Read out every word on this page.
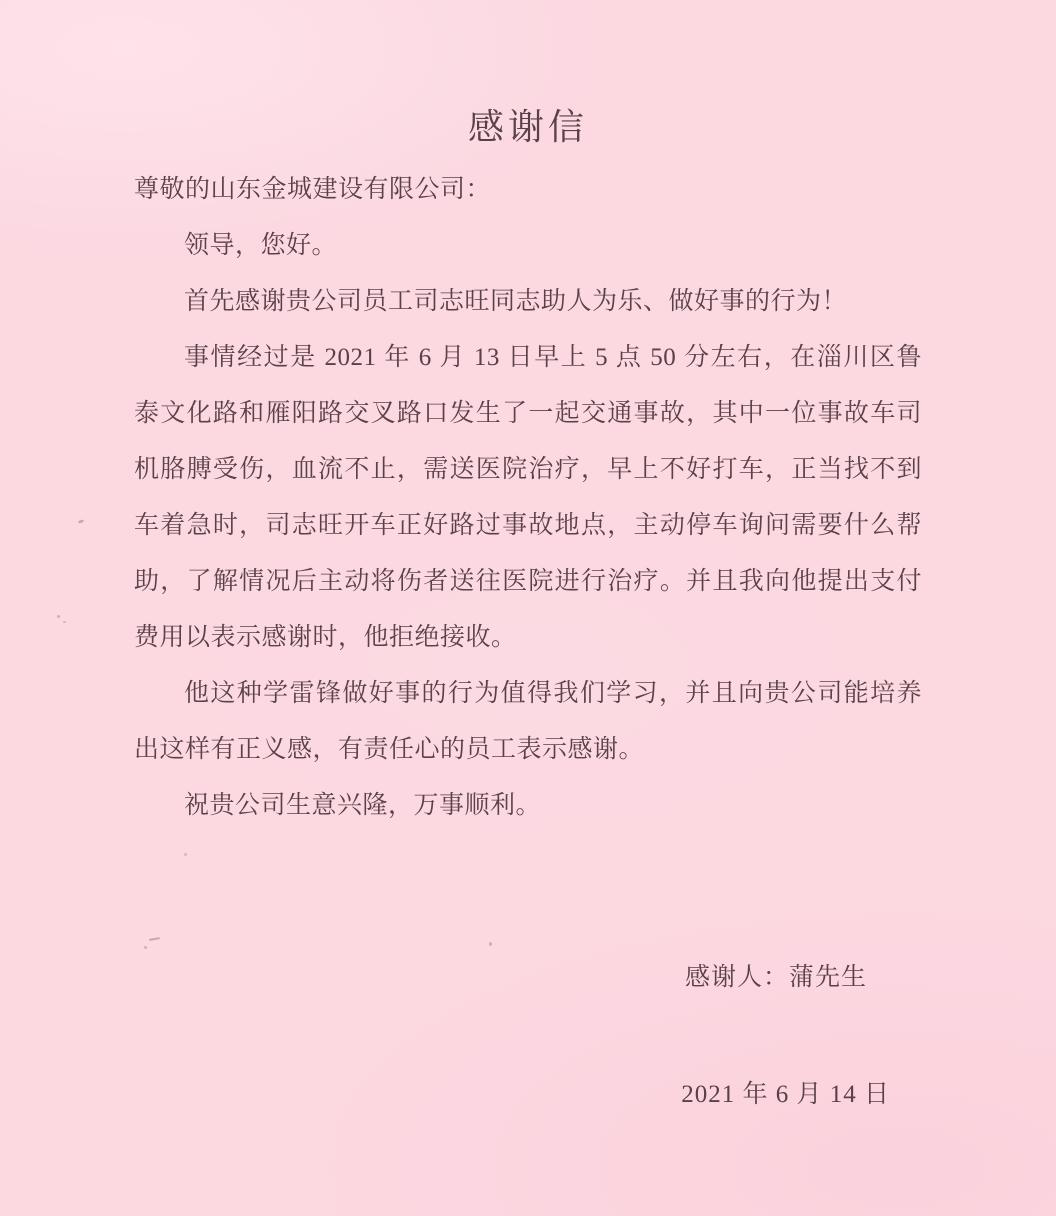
感谢信
尊敬的山东金城建设有限公司：
领导，您好。
首先感谢贵公司员工司志旺同志助人为乐、做好事的行为！
事情经过是 2021 年 6 月 13 日早上 5 点 50 分左右，在淄川区鲁
泰文化路和雁阳路交叉路口发生了一起交通事故，其中一位事故车司
机胳膊受伤，血流不止，需送医院治疗，早上不好打车，正当找不到
车着急时，司志旺开车正好路过事故地点，主动停车询问需要什么帮
助，了解情况后主动将伤者送往医院进行治疗。并且我向他提出支付
费用以表示感谢时，他拒绝接收。
他这种学雷锋做好事的行为值得我们学习，并且向贵公司能培养
出这样有正义感，有责任心的员工表示感谢。
祝贵公司生意兴隆，万事顺利。
感谢人：蒲先生
2021 年 6 月 14 日
